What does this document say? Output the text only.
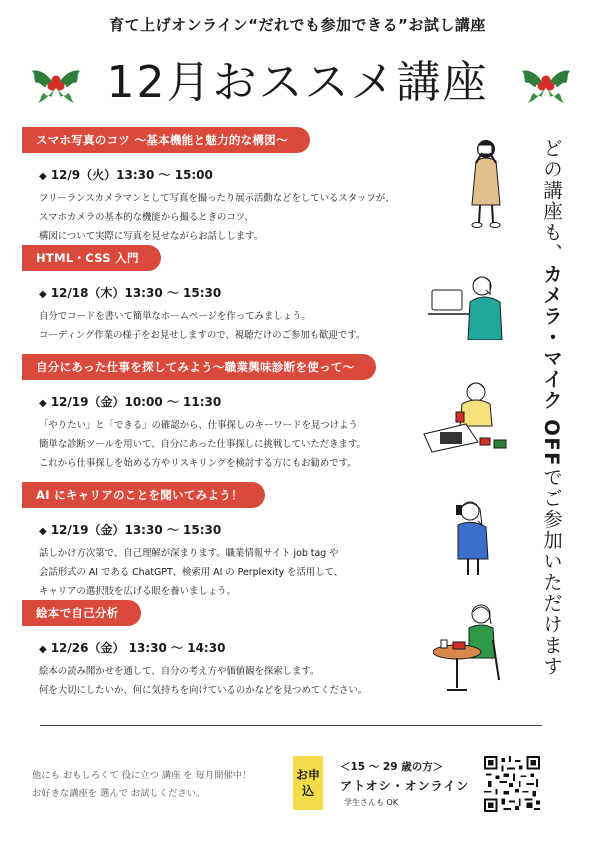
育て上げオンライン“だれでも参加できる”お試し講座
12月おススメ講座
スマホ写真のコツ 〜基本機能と魅力的な構図〜
◆ 12/9（火）13:30 〜 15:00
フリーランスカメラマンとして写真を撮ったり展示活動などをしているスタッフが、
スマホカメラの基本的な機能から撮るときのコツ、
構図について実際に写真を見せながらお話しします。
HTML・CSS 入門
◆ 12/18（木）13:30 〜 15:30
自分でコードを書いて簡単なホームページを作ってみましょう。
コーディング作業の様子をお見せしますので、視聴だけのご参加も歓迎です。
自分にあった仕事を探してみよう〜職業興味診断を使って〜
◆ 12/19（金）10:00 〜 11:30
「やりたい」と「できる」の確認から、仕事探しのキーワードを見つけよう
簡単な診断ツールを用いて、自分にあった仕事探しに挑戦していただきます。
これから仕事探しを始める方やリスキリングを検討する方にもお勧めです。
AI にキャリアのことを聞いてみよう！
◆ 12/19（金）13:30 〜 15:30
話しかけ方次第で、自己理解が深まります。職業情報サイト job tag や
会話形式の AI である ChatGPT、検索用 AI の Perplexity を活用して、
キャリアの選択肢を広げる眼を養いましょう。
絵本で自己分析
◆ 12/26（金） 13:30 〜 14:30
絵本の読み聞かせを通して、自分の考え方や価値観を探索します。
何を大切にしたいか、何に気持ちを向けているのかなどを見つめてください。
どの講座も、カメラ・マイク OFFでご参加いただけます
他にも おもしろくて 役に立つ 講座 を 毎月開催中！
お好きな講座を 選んで お試しください。
お申込
＜15 〜 29 歳の方＞
アトオシ・オンライン
学生さんも OK
